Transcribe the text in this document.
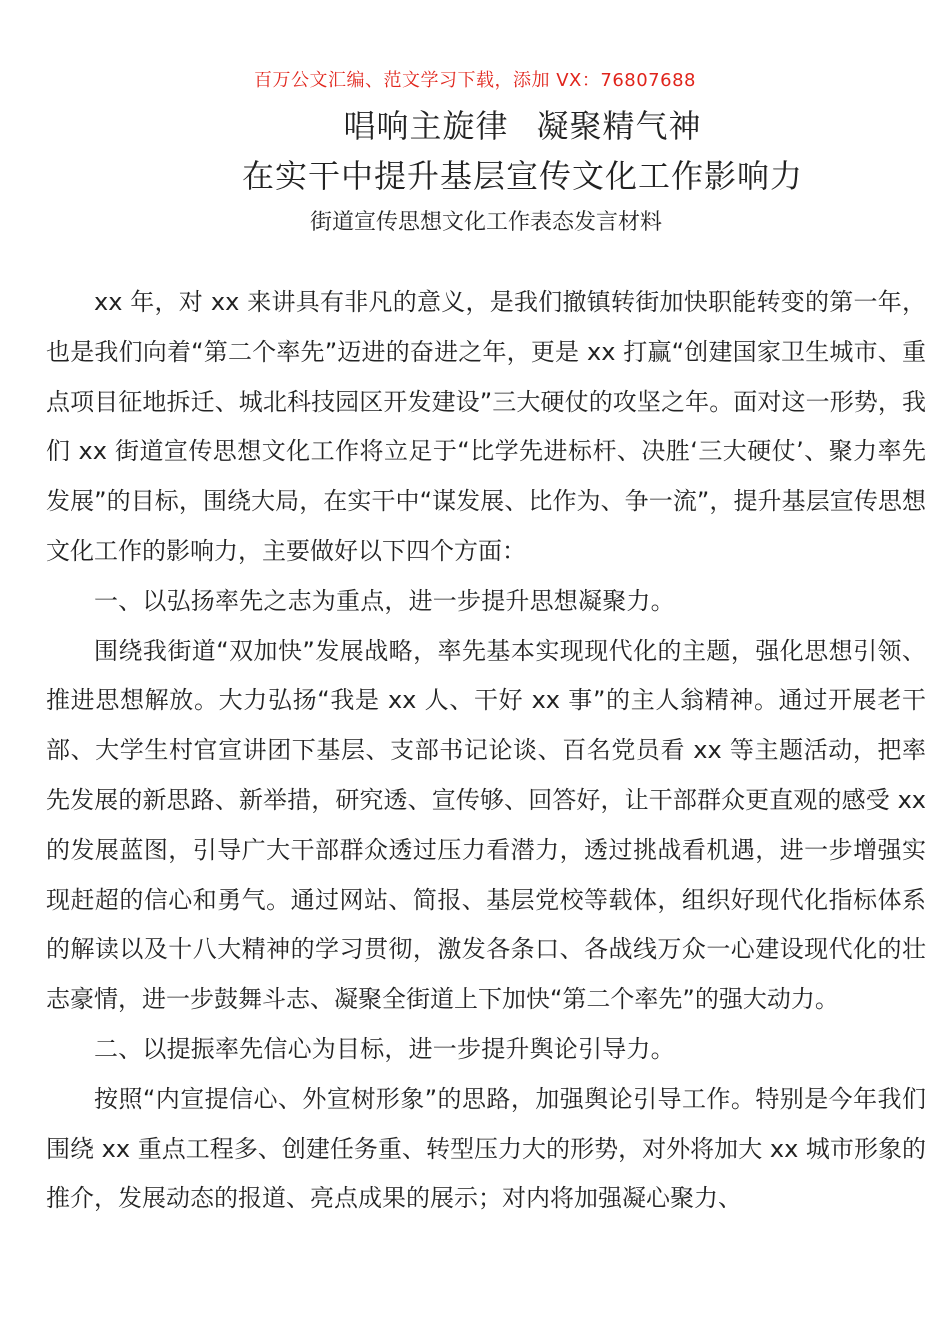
百万公文汇编、范文学习下载，添加 VX：76807688
唱响主旋律 凝聚精气神
在实干中提升基层宣传文化工作影响力
街道宣传思想文化工作表态发言材料

xx 年，对 xx 来讲具有非凡的意义，是我们撤镇转街加快职能转变的第一年，也是我们向着“第二个率先”迈进的奋进之年，更是 xx 打赢“创建国家卫生城市、重点项目征地拆迁、城北科技园区开发建设”三大硬仗的攻坚之年。面对这一形势，我们 xx 街道宣传思想文化工作将立足于“比学先进标杆、决胜‘三大硬仗’、聚力率先发展”的目标，围绕大局，在实干中“谋发展、比作为、争一流”，提升基层宣传思想文化工作的影响力，主要做好以下四个方面：

一、以弘扬率先之志为重点，进一步提升思想凝聚力。

围绕我街道“双加快”发展战略，率先基本实现现代化的主题，强化思想引领、推进思想解放。大力弘扬“我是 xx 人、干好 xx 事”的主人翁精神。通过开展老干部、大学生村官宣讲团下基层、支部书记论谈、百名党员看 xx 等主题活动，把率先发展的新思路、新举措，研究透、宣传够、回答好，让干部群众更直观的感受 xx 的发展蓝图，引导广大干部群众透过压力看潜力，透过挑战看机遇，进一步增强实现赶超的信心和勇气。通过网站、简报、基层党校等载体，组织好现代化指标体系的解读以及十八大精神的学习贯彻，激发各条口、各战线万众一心建设现代化的壮志豪情，进一步鼓舞斗志、凝聚全街道上下加快“第二个率先”的强大动力。

二、以提振率先信心为目标，进一步提升舆论引导力。

按照“内宣提信心、外宣树形象”的思路，加强舆论引导工作。特别是今年我们围绕 xx 重点工程多、创建任务重、转型压力大的形势，对外将加大 xx 城市形象的推介，发展动态的报道、亮点成果的展示；对内将加强凝心聚力、
